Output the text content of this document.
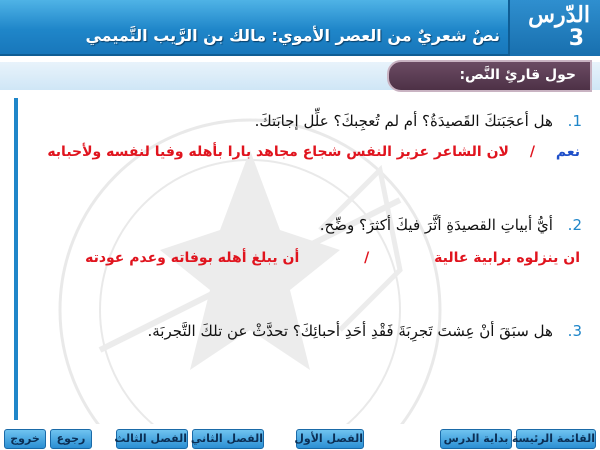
الدّرس
3
نصٌ شعريٌ من العصر الأموي: مالك بن الرَّيب التَّميمي
حول قارئِ النَّص:
1. هل أعجَبَتكَ القَصيدَةُ؟ أم لم تُعجِبكَ؟ علِّل إجابَتكَ.
نعم / لان الشاعر عزيز النفس شجاع مجاهد بارا بأهله وفيا لنفسه ولأحبابه
2. أيُّ أبياتِ القصيدَةِ أثَّرَ فيكَ أكثرَ؟ وضِّح.
ان ينزلوه برابية عالية / أن يبلغ أهله بوفاته وعدم عودته
3. هل سبَقَ أنْ عِشتَ تَجرِبَةَ فَقْدِ أحَدِ أحبائِكَ؟ تحدَّثْ عن تلكَ التَّجربَة.
القائمة الرئيسة
بداية الدرس
الفصل الأول
الفصل الثاني
الفصل الثالث
رجوع
خروج
